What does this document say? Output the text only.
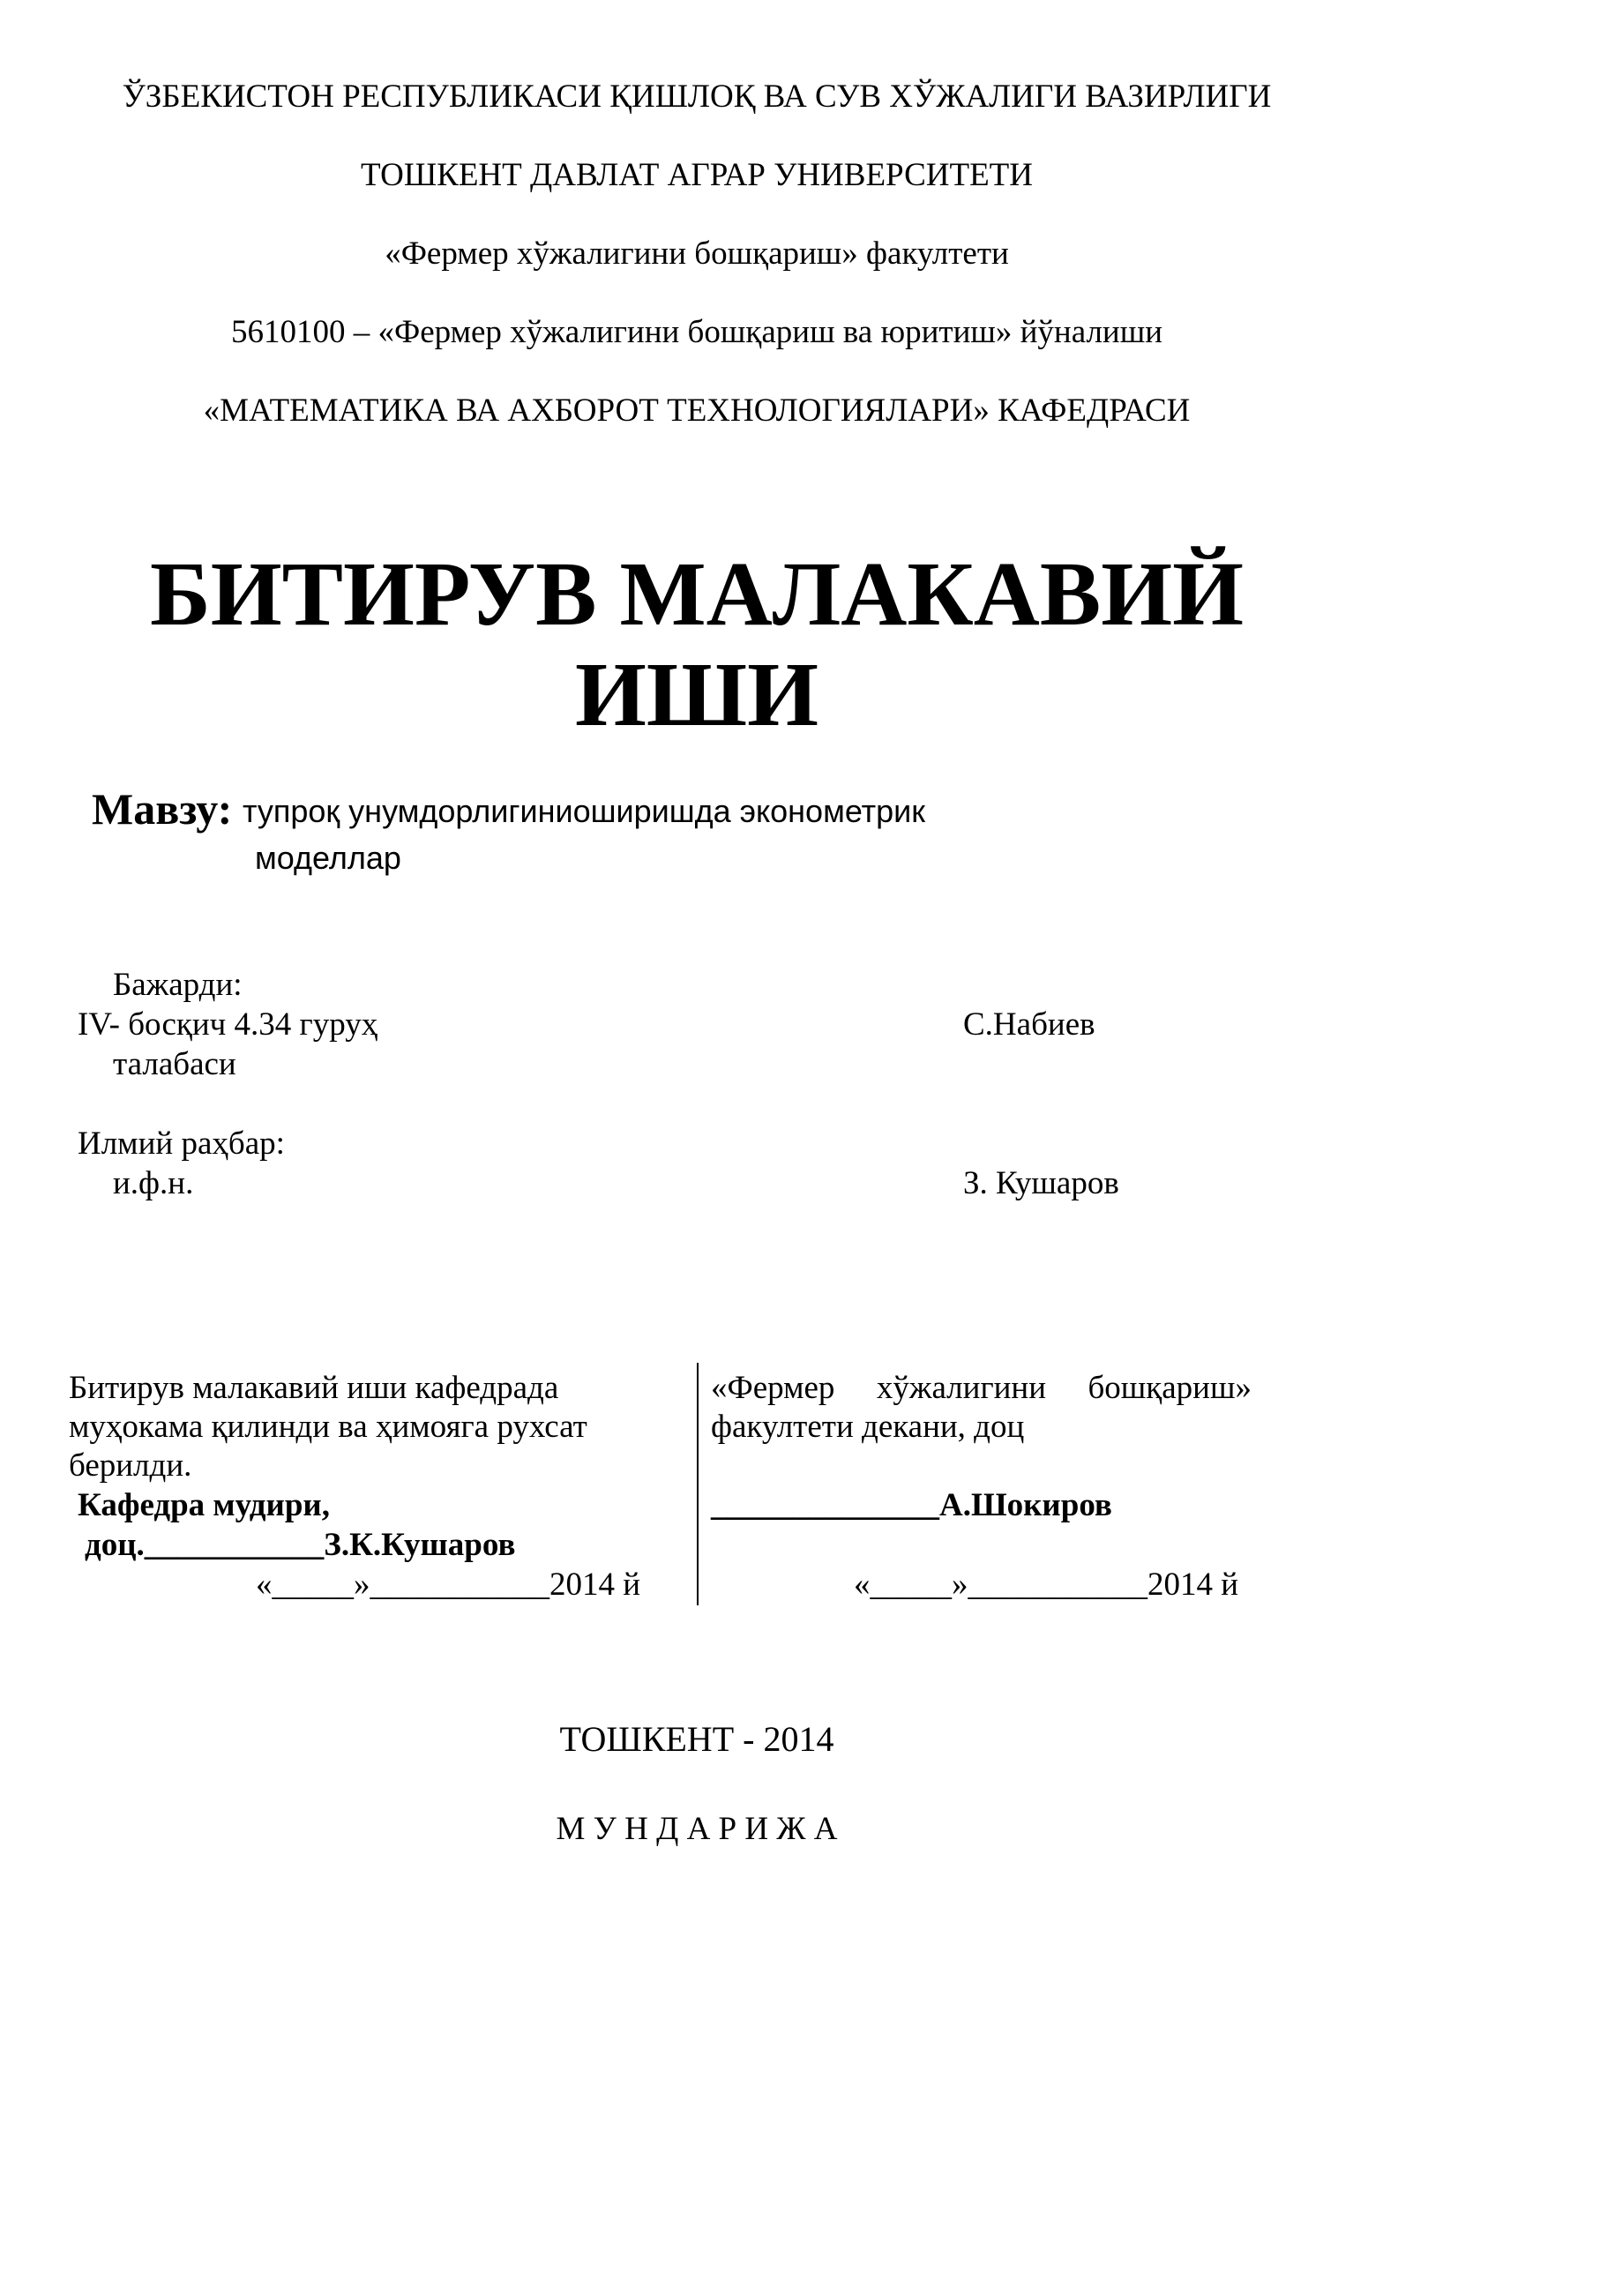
ЎЗБЕКИСТОН РЕСПУБЛИКАСИ ҚИШЛОҚ ВА СУВ ХЎЖАЛИГИ ВАЗИРЛИГИ
ТОШКЕНТ ДАВЛАТ АГРАР УНИВЕРСИТЕТИ
«Фермер хўжалигини бошқариш» факултети
5610100 – «Фермер хўжалигини бошқариш ва юритиш» йўналиши
«МАТЕМАТИКА ВА АХБОРОТ ТЕХНОЛОГИЯЛАРИ» КАФЕДРАСИ
БИТИРУВ МАЛАКАВИЙ
ИШИ
Мавзу: тупроқ унумдорлигиниоширишда эконометрик
моделлар
Бажарди:
IV- босқич 4.34 гуруҳ
талабаси
С.Набиев
Илмий раҳбар:
и.ф.н.	З. Кушаров
Битирув малакавий иши кафедрада
муҳокама қилинди ва ҳимояга рухсат
берилди.
Кафедра мудири,
доц.___________З.К.Кушаров
«_____»___________2014 й
«Фермер хўжалигини бошқариш»
факултети декани, доц
______________А.Шокиров
«_____»___________2014 й
ТОШКЕНТ - 2014
М У Н Д А Р И Ж А
